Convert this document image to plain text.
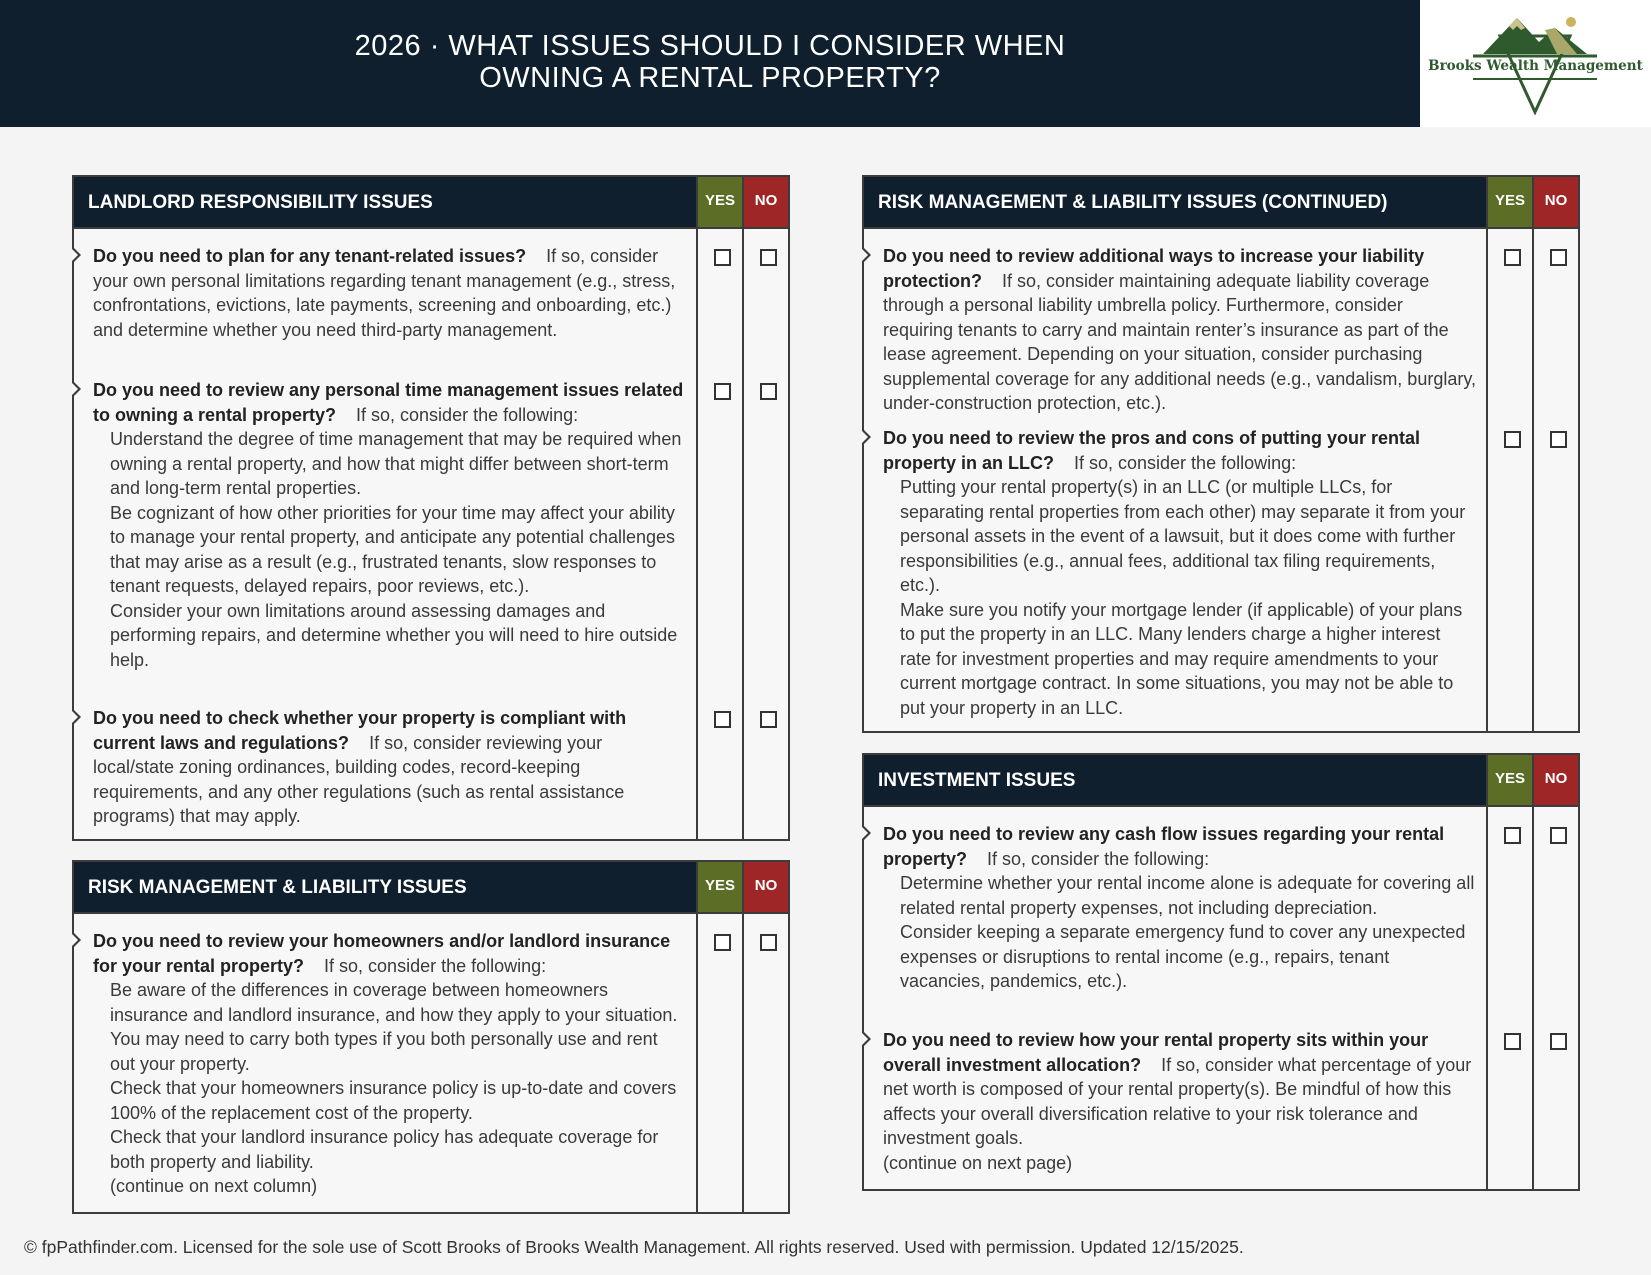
2026 · WHAT ISSUES SHOULD I CONSIDER WHEN
OWNING A RENTAL PROPERTY?	Brooks Wealth Management
LANDLORD RESPONSIBILITY ISSUES	YES	NO
Do you need to plan for any tenant-related issues? If so, consider your own personal limitations regarding tenant management (e.g., stress, confrontations, evictions, late payments, screening and onboarding, etc.) and determine whether you need third-party management.
Do you need to review any personal time management issues related to owning a rental property? If so, consider the following:
Understand the degree of time management that may be required when owning a rental property, and how that might differ between short-term and long-term rental properties.
Be cognizant of how other priorities for your time may affect your ability to manage your rental property, and anticipate any potential challenges that may arise as a result (e.g., frustrated tenants, slow responses to tenant requests, delayed repairs, poor reviews, etc.).
Consider your own limitations around assessing damages and performing repairs, and determine whether you will need to hire outside help.
Do you need to check whether your property is compliant with current laws and regulations? If so, consider reviewing your local/state zoning ordinances, building codes, record-keeping requirements, and any other regulations (such as rental assistance programs) that may apply.
RISK MANAGEMENT & LIABILITY ISSUES	YES	NO
Do you need to review your homeowners and/or landlord insurance for your rental property? If so, consider the following:
Be aware of the differences in coverage between homeowners insurance and landlord insurance, and how they apply to your situation. You may need to carry both types if you both personally use and rent out your property.
Check that your homeowners insurance policy is up-to-date and covers 100% of the replacement cost of the property.
Check that your landlord insurance policy has adequate coverage for both property and liability.
(continue on next column)
RISK MANAGEMENT & LIABILITY ISSUES (CONTINUED)	YES	NO
Do you need to review additional ways to increase your liability protection? If so, consider maintaining adequate liability coverage through a personal liability umbrella policy. Furthermore, consider requiring tenants to carry and maintain renter’s insurance as part of the lease agreement. Depending on your situation, consider purchasing supplemental coverage for any additional needs (e.g., vandalism, burglary, under-construction protection, etc.).
Do you need to review the pros and cons of putting your rental property in an LLC? If so, consider the following:
Putting your rental property(s) in an LLC (or multiple LLCs, for separating rental properties from each other) may separate it from your personal assets in the event of a lawsuit, but it does come with further responsibilities (e.g., annual fees, additional tax filing requirements, etc.).
Make sure you notify your mortgage lender (if applicable) of your plans to put the property in an LLC. Many lenders charge a higher interest rate for investment properties and may require amendments to your current mortgage contract. In some situations, you may not be able to put your property in an LLC.
INVESTMENT ISSUES	YES	NO
Do you need to review any cash flow issues regarding your rental property? If so, consider the following:
Determine whether your rental income alone is adequate for covering all related rental property expenses, not including depreciation.
Consider keeping a separate emergency fund to cover any unexpected expenses or disruptions to rental income (e.g., repairs, tenant vacancies, pandemics, etc.).
Do you need to review how your rental property sits within your overall investment allocation? If so, consider what percentage of your net worth is composed of your rental property(s). Be mindful of how this affects your overall diversification relative to your risk tolerance and investment goals.
(continue on next page)
© fpPathfinder.com. Licensed for the sole use of Scott Brooks of Brooks Wealth Management. All rights reserved. Used with permission. Updated 12/15/2025.
